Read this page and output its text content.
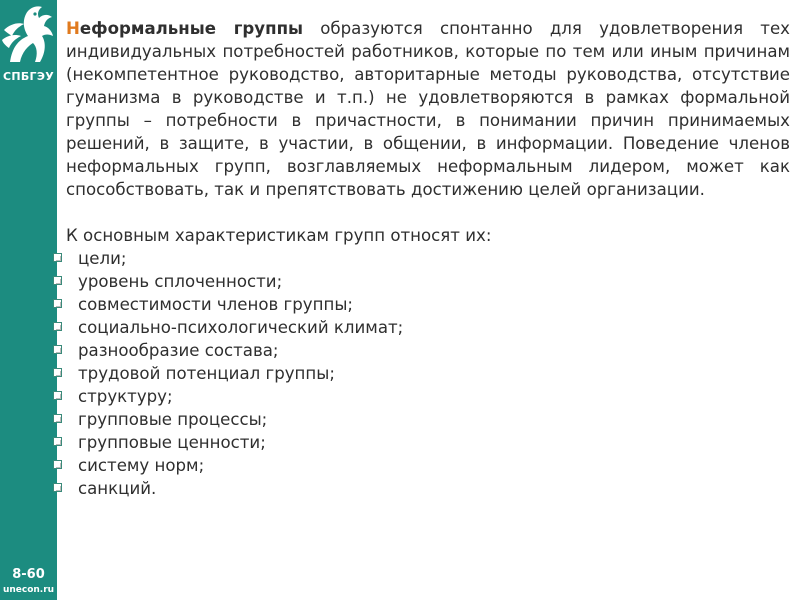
СПБГЭУ
8-60
unecon.ru

Неформальные группы образуются спонтанно для удовлетворения тех индивидуальных потребностей работников, которые по тем или иным причинам (некомпетентное руководство, авторитарные методы руководства, отсутствие гуманизма в руководстве и т.п.) не удовлетворяются в рамках формальной группы – потребности в причастности, в понимании причин принимаемых решений, в защите, в участии, в общении, в информации. Поведение членов неформальных групп, возглавляемых неформальным лидером, может как способствовать, так и препятствовать достижению целей организации.

К основным характеристикам групп относят их:

цели;
уровень сплоченности;
совместимости членов группы;
социально-психологический климат;
разнообразие состава;
трудовой потенциал группы;
структуру;
групповые процессы;
групповые ценности;
систему норм;
санкций.
